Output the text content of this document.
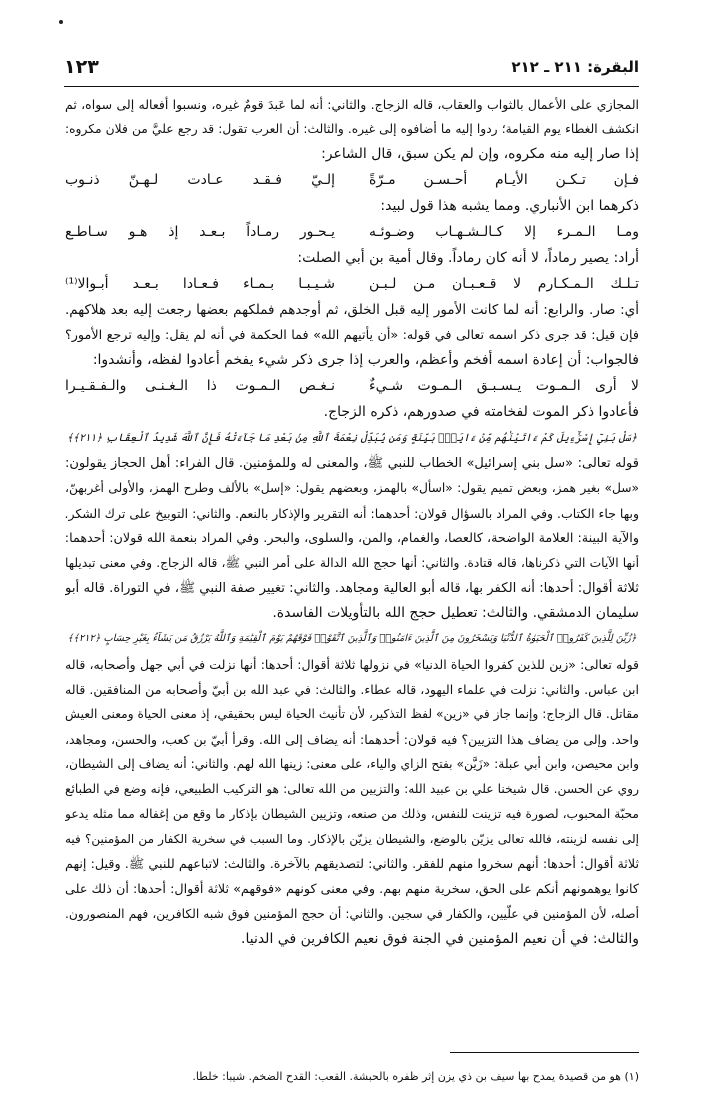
البقرة: ٢١١ ـ ٢١٢
١٢٣
المجازي على الأعمال بالثواب والعقاب، قاله الزجاج. والثاني: أنه لما عَبدَ قومٌ غيره، ونسبوا أفعاله إلى سواه، ثم
انكشف الغطاء يوم القيامة؛ ردوا إليه ما أضافوه إلى غيره. والثالث: أن العرب تقول: قد رجع عليَّ من فلان مكروه:
إذا صار إليه منه مكروه، وإن لم يكن سبق، قال الشاعر:
فـإن تـكـن الأيـام أحـسـن مـرّةًإلـيّ فـقـد عـادت لـهـنّ ذنـوب
ذكرهما ابن الأنباري. ومما يشبه هذا قول لبيد:
ومـا الـمـرء إلا كـالـشـهـاب وضـوئـهيـحـور رمـاداً بـعـد إذ هـو سـاطـع
أراد: يصير رماداً، لا أنه كان رماداً. وقال أمية بن أبي الصلت:
تـلـك الـمـكـارم لا قـعـبـان مـن لـبـنشـيـبـا بـمـاء فـعـادا بـعـد أبـوالا⁽¹⁾
أي: صار. والرابع: أنه لما كانت الأمور إليه قبل الخلق، ثم أوجدهم فملكهم بعضها رجعت إليه بعد هلاكهم.
فإن قيل: قد جرى ذكر اسمه تعالى في قوله: «أن يأتيهم الله» فما الحكمة في أنه لم يقل: وإليه ترجع الأمور؟
فالجواب: أن إعادة اسمه أفخم وأعظم، والعرب إذا جرى ذكر شيء يفخم أعادوا لفظه، وأنشدوا:
لا أرى الـمـوت يـسـبـق الـمـوت شـيءٌنـغـص الـمـوت ذا الـغـنـى والـفـقـيـرا
فأعادوا ذكر الموت لفخامته في صدورهم، ذكره الزجاج.
﴿سَلْ بَنِيٓ إِسْرَٰٓءِيلَ كَمْ ءَاتَيْنَٰهُم مِّنْ ءَايَةٍۭ بَيِّنَةٍ وَمَن يُبَدِّلْ نِعْمَةَ ٱللَّهِ مِنۢ بَعْدِ مَا جَآءَتْهُ فَإِنَّ ٱللَّهَ شَدِيدُ ٱلْعِقَابِ ﴿٢١١﴾﴾
قوله تعالى: «سل بني إسرائيل» الخطاب للنبي ﷺ، والمعنى له وللمؤمنين. قال الفراء: أهل الحجاز يقولون:
«سل» بغير همز، وبعض تميم يقول: «اسأل» بالهمز، وبعضهم يقول: «إسل» بالألف وطرح الهمز، والأولى أغربهنّ،
وبها جاء الكتاب. وفي المراد بالسؤال قولان: أحدهما: أنه التقرير والإذكار بالنعم. والثاني: التوبيخ على ترك الشكر.
والآية البينة: العلامة الواضحة، كالعصا، والغمام، والمن، والسلوى، والبحر. وفي المراد بنعمة الله قولان: أحدهما:
أنها الآيات التي ذكرناها، قاله قتادة. والثاني: أنها حجج الله الدالة على أمر النبي ﷺ، قاله الزجاج. وفي معنى تبديلها
ثلاثة أقوال: أحدها: أنه الكفر بها، قاله أبو العالية ومجاهد. والثاني: تغيير صفة النبي ﷺ، في التوراة. قاله أبو
سليمان الدمشقي. والثالث: تعطيل حجج الله بالتأويلات الفاسدة.
﴿زُيِّنَ لِلَّذِينَ كَفَرُوا۟ ٱلْحَيَوٰةُ ٱلدُّنْيَا وَيَسْخَرُونَ مِنَ ٱلَّذِينَ ءَامَنُوا۟ وَٱلَّذِينَ ٱتَّقَوْا۟ فَوْقَهُمْ يَوْمَ ٱلْقِيَٰمَةِ وَٱللَّهُ يَرْزُقُ مَن يَشَآءُ بِغَيْرِ حِسَابٍ ﴿٢١٢﴾﴾
قوله تعالى: «زين للذين كفروا الحياة الدنيا» في نزولها ثلاثة أقوال: أحدها: أنها نزلت في أبي جهل وأصحابه، قاله
ابن عباس. والثاني: نزلت في علماء اليهود، قاله عطاء. والثالث: في عبد الله بن أبيّ وأصحابه من المنافقين. قاله
مقاتل. قال الزجاج: وإنما جاز في «زين» لفظ التذكير، لأن تأنيث الحياة ليس بحقيقي، إذ معنى الحياة ومعنى العيش
واحد. وإلى من يضاف هذا التزيين؟ فيه قولان: أحدهما: أنه يضاف إلى الله. وقرأ أبيّ بن كعب، والحسن، ومجاهد،
وابن محيصن، وابن أبي عبلة: «زَيَّن» بفتح الزاي والياء، على معنى: زينها الله لهم. والثاني: أنه يضاف إلى الشيطان،
روي عن الحسن. قال شيخنا علي بن عبيد الله: والتزيين من الله تعالى: هو التركيب الطبيعي، فإنه وضع في الطبائع
محبّة المحبوب، لصورة فيه تزينت للنفس، وذلك من صنعه، وتزيين الشيطان بإذكار ما وقع من إغفاله مما مثله يدعو
إلى نفسه لزينته، فالله تعالى يزيّن بالوضع، والشيطان يزيّن بالإذكار. وما السبب في سخرية الكفار من المؤمنين؟ فيه
ثلاثة أقوال: أحدها: أنهم سخروا منهم للفقر. والثاني: لتصديقهم بالآخرة. والثالث: لاتباعهم للنبي ﷺ. وقيل: إنهم
كانوا يوهمونهم أنكم على الحق، سخرية منهم بهم. وفي معنى كونهم «فوقهم» ثلاثة أقوال: أحدها: أن ذلك على
أصله، لأن المؤمنين في علّيين، والكفار في سجين. والثاني: أن حجج المؤمنين فوق شبه الكافرين، فهم المنصورون.
والثالث: في أن نعيم المؤمنين في الجنة فوق نعيم الكافرين في الدنيا.
(١) هو من قصيدة يمدح بها سيف بن ذي يزن إثر ظفره بالحبشة. القعب: القدح الضخم. شيبا: خلطا.
